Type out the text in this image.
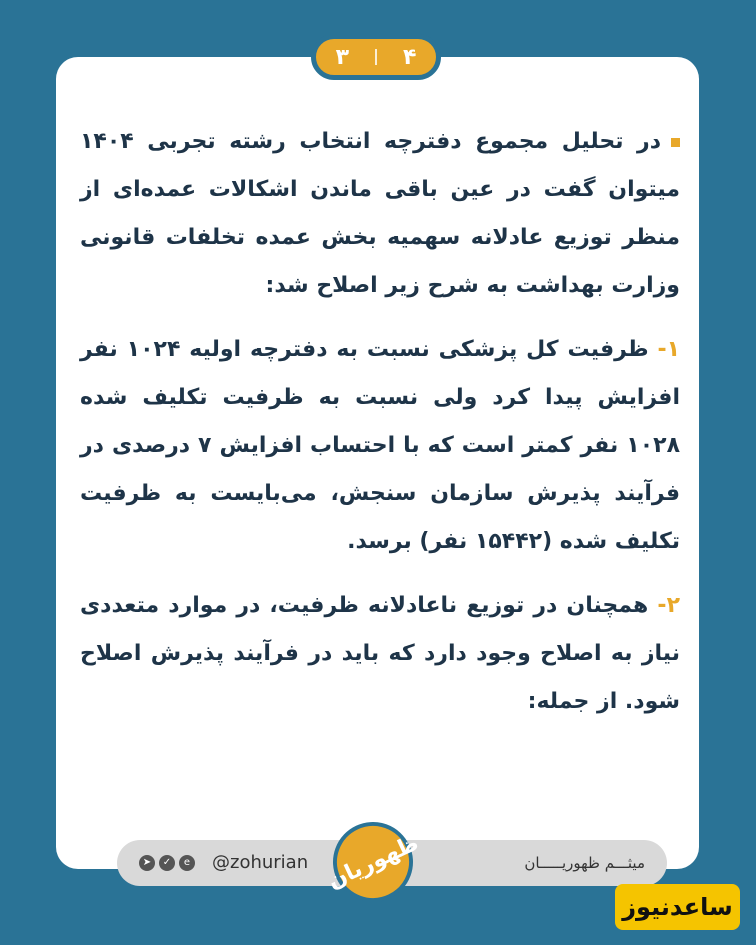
۳ ۴

در تحلیل مجموع دفترچه انتخاب رشته تجربی ۱۴۰۴ میتوان گفت در عین باقی ماندن اشکالات عمده‌ای از منظر توزیع عادلانه سهمیه بخش عمده تخلفات قانونی وزارت بهداشت به شرح زیر اصلاح شد:

۱- ظرفیت کل پزشکی نسبت به دفترچه اولیه ۱۰۲۴ نفر افزایش پیدا کرد ولی نسبت به ظرفیت تکلیف شده ۱۰۲۸ نفر کمتر است که با احتساب افزایش ۷ درصدی در فرآیند پذیرش سازمان سنجش، می‌بایست به ظرفیت تکلیف شده (۱۵۴۴۲ نفر) برسد.

۲- همچنان در توزیع ناعادلانه ظرفیت، در موارد متعددی نیاز به اصلاح وجود دارد که باید در فرآیند پذیرش اصلاح شود. از جمله:

➤	✓	e @zohurian	میثـــم ظهوریـــــان
ظهوریان
ساعدنیوز
